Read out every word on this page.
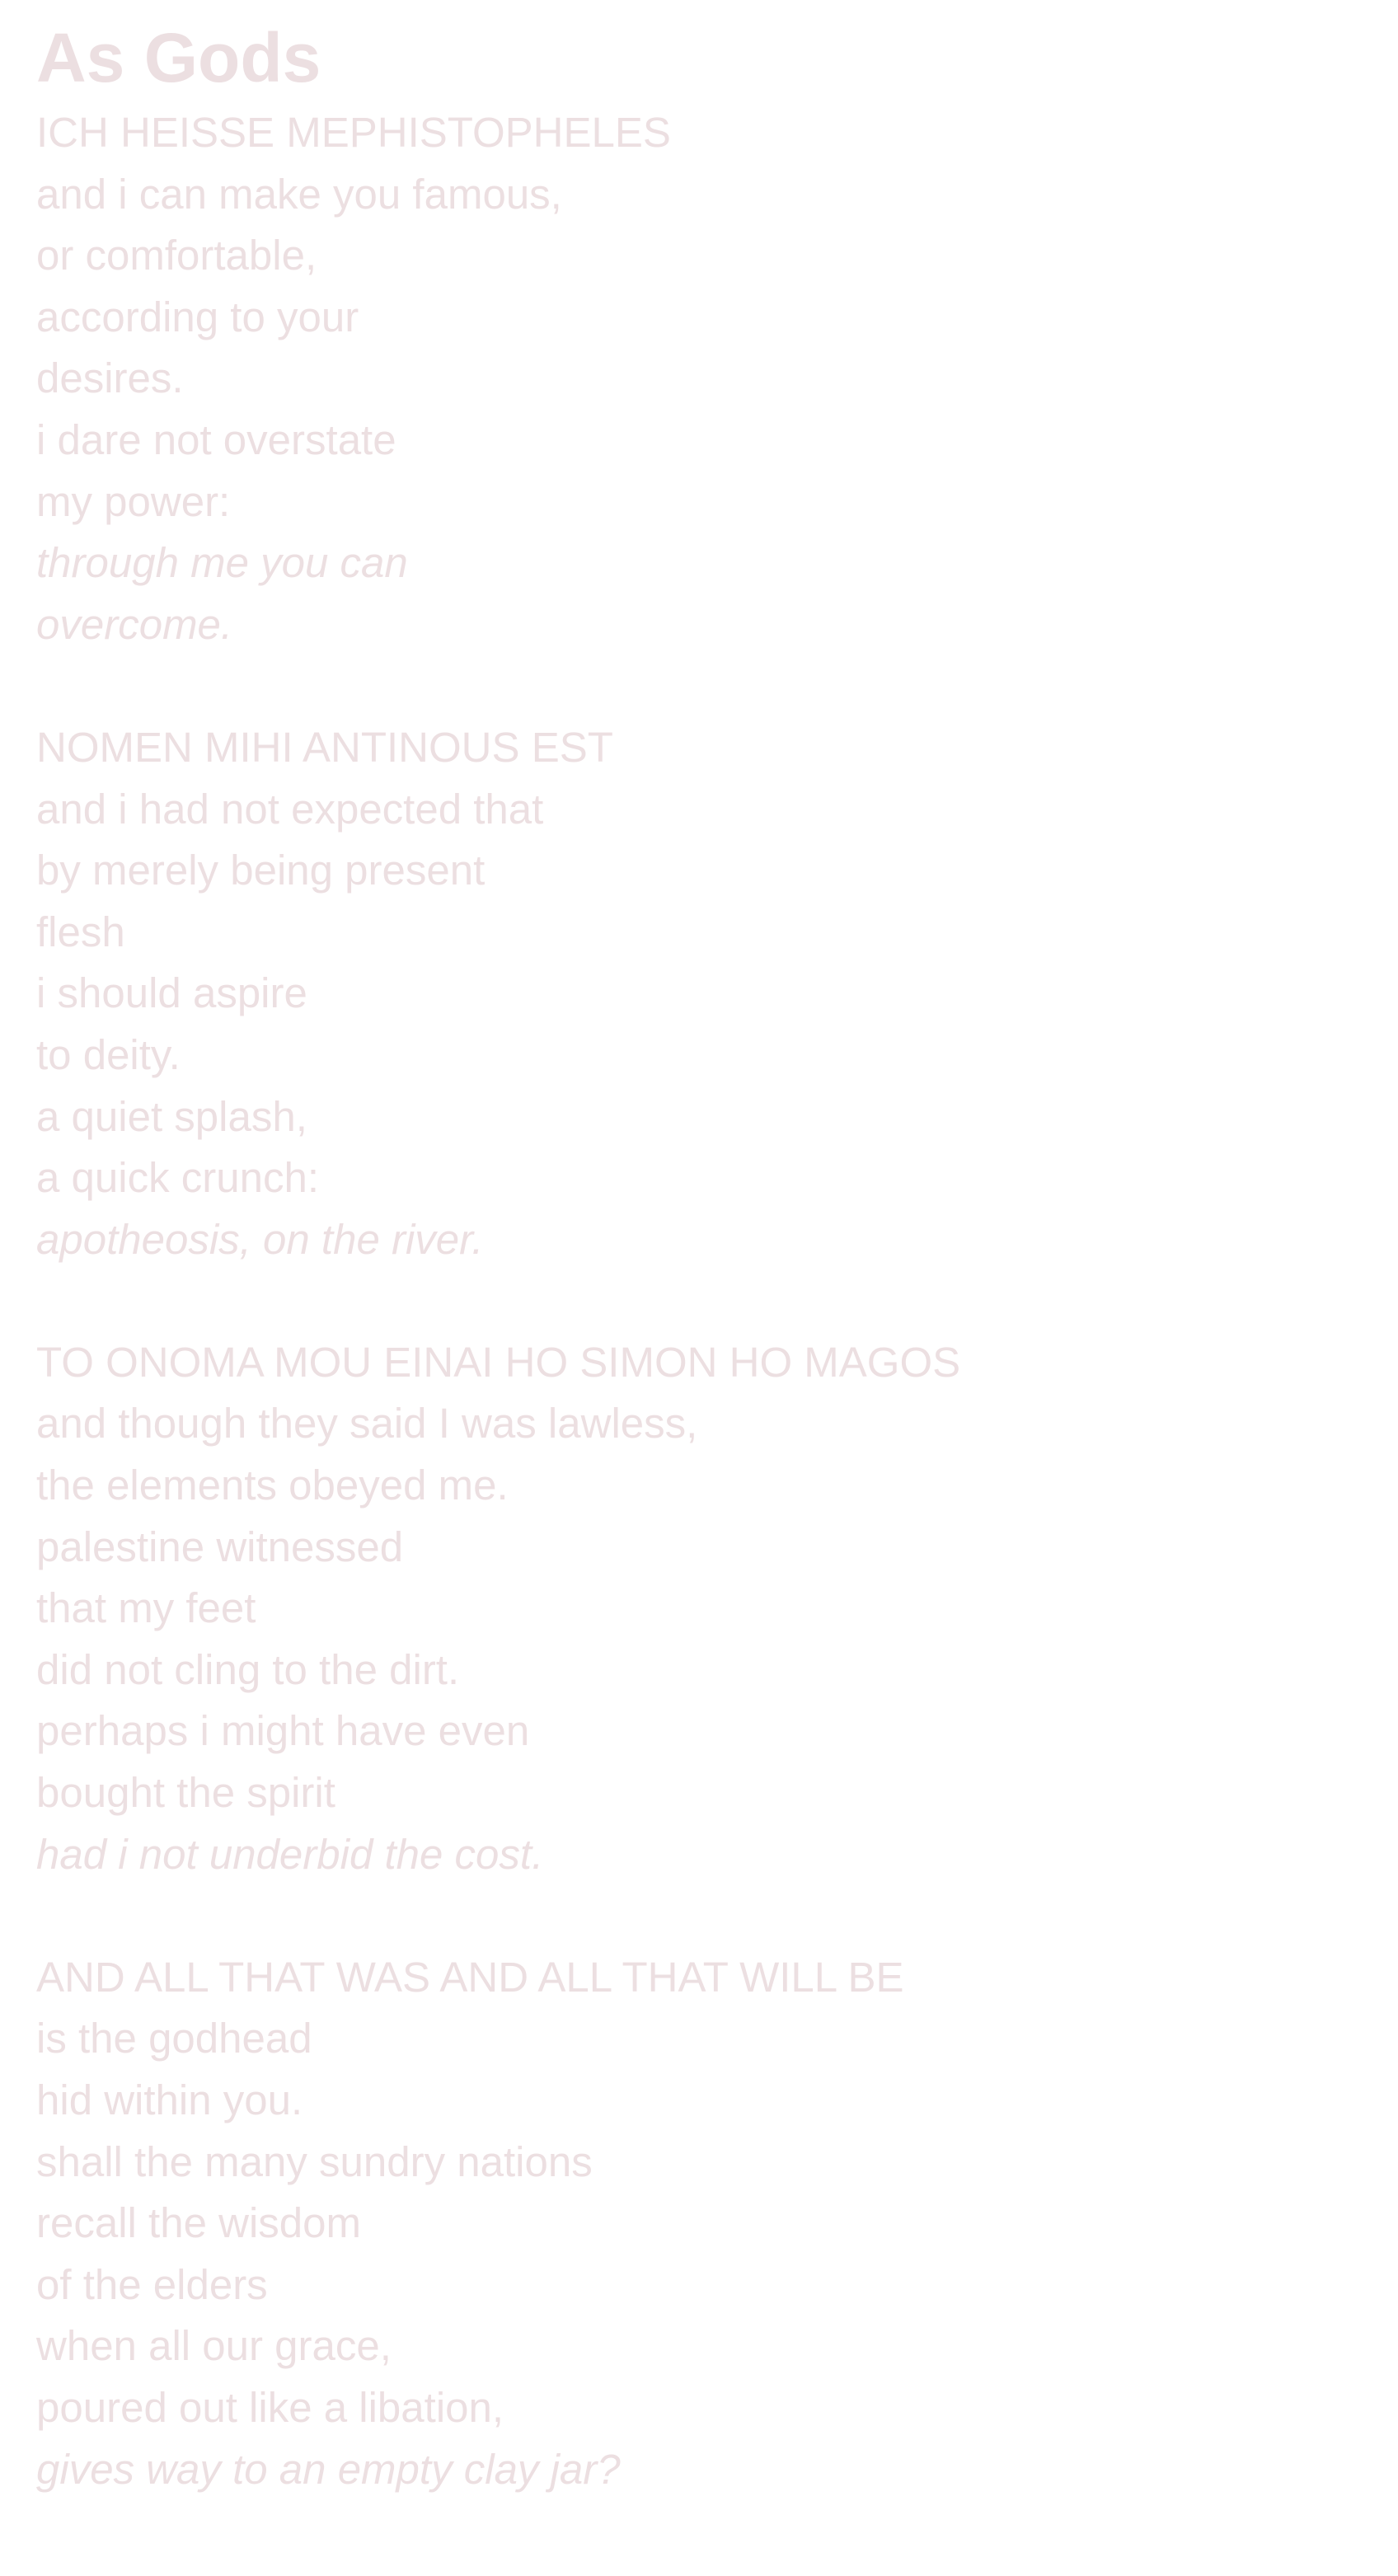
As Gods
ICH HEISSE MEPHISTOPHELES
and i can make you famous,
or comfortable,
according to your
desires.
i dare not overstate
my power:
through me you can
overcome.
NOMEN MIHI ANTINOUS EST
and i had not expected that
by merely being present
flesh
i should aspire
to deity.
a quiet splash,
a quick crunch:
apotheosis, on the river.
TO ONOMA MOU EINAI HO SIMON HO MAGOS
and though they said I was lawless,
the elements obeyed me.
palestine witnessed
that my feet
did not cling to the dirt.
perhaps i might have even
bought the spirit
had i not underbid the cost.
AND ALL THAT WAS AND ALL THAT WILL BE
is the godhead
hid within you.
shall the many sundry nations
recall the wisdom
of the elders
when all our grace,
poured out like a libation,
gives way to an empty clay jar?
